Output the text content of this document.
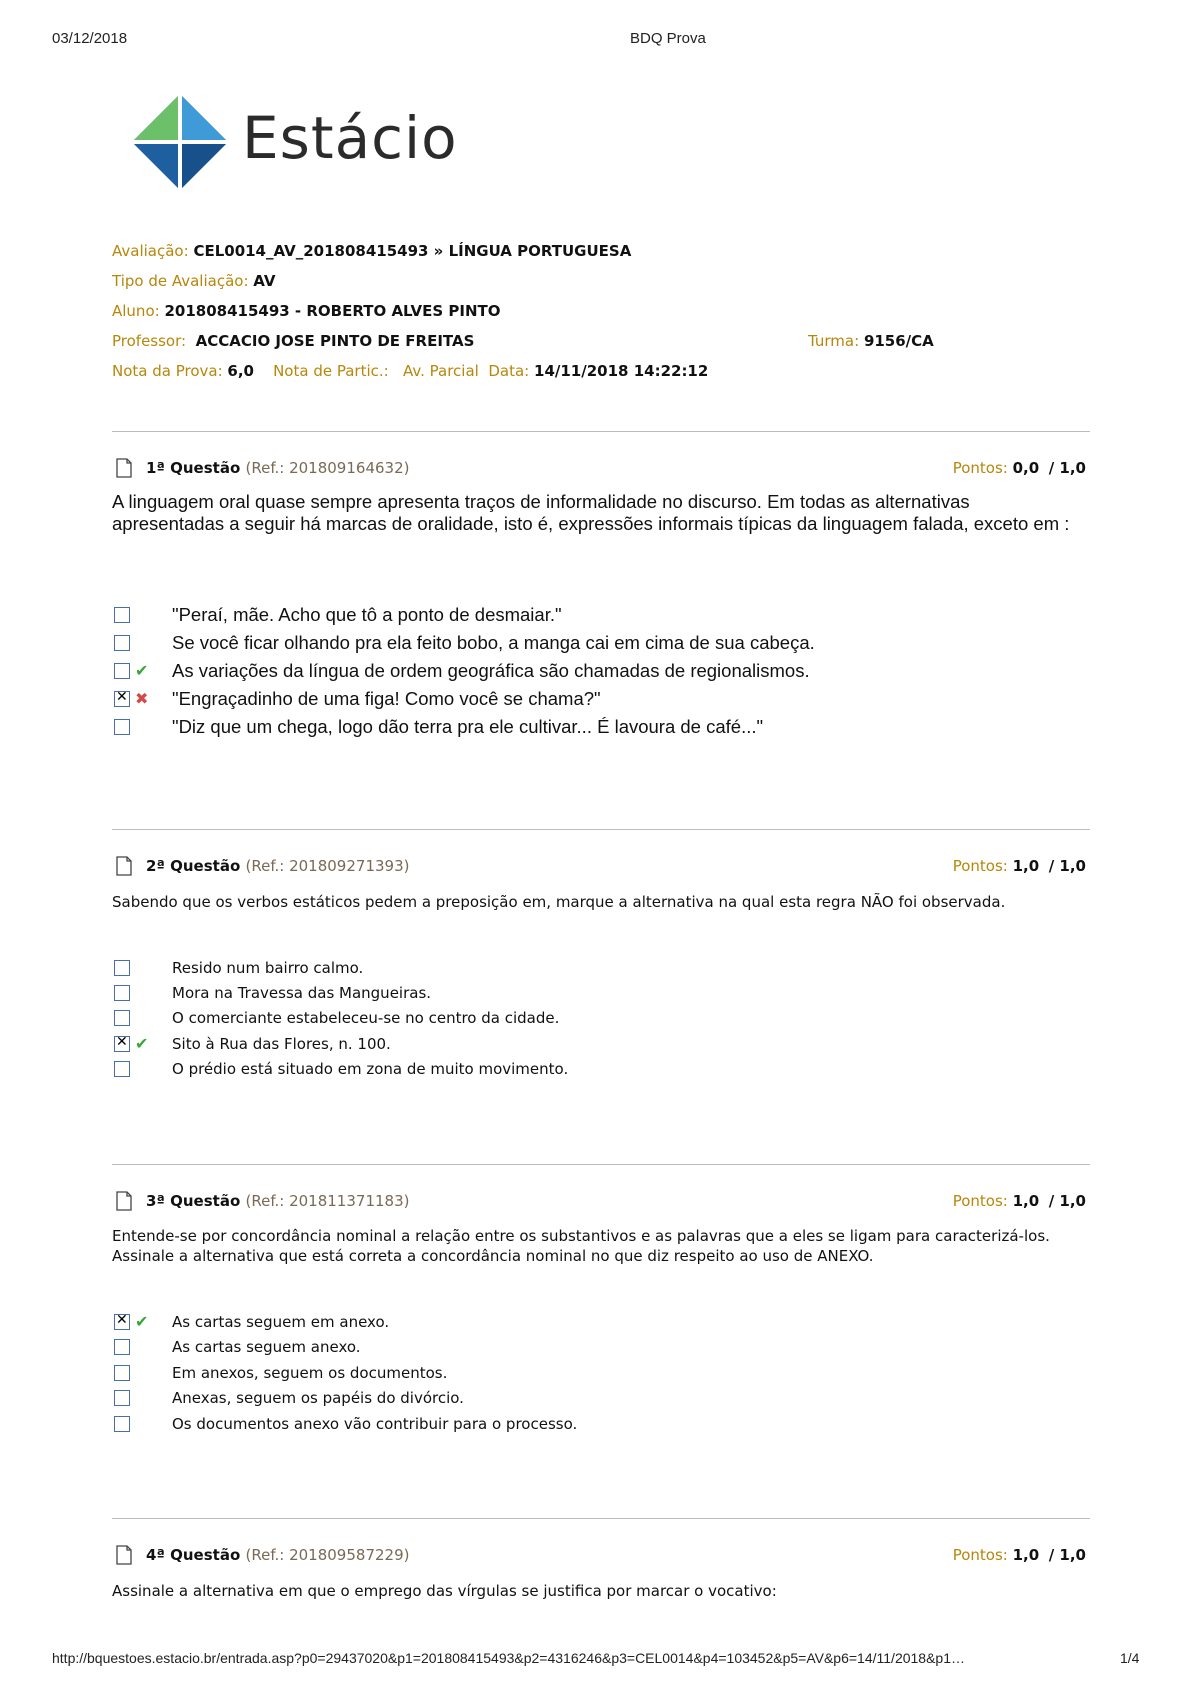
03/12/2018	BDQ Prova
Estácio
Avaliação: CEL0014_AV_201808415493 » LÍNGUA PORTUGUESA
Tipo de Avaliação: AV
Aluno: 201808415493 - ROBERTO ALVES PINTO
Professor: ACCACIO JOSE PINTO DE FREITAS	Turma: 9156/CA
Nota da Prova: 6,0 Nota de Partic.: Av. Parcial Data: 14/11/2018 14:22:12
1ª Questão (Ref.: 201809164632)	Pontos: 0,0 / 1,0
A linguagem oral quase sempre apresenta traços de informalidade no discurso. Em todas as alternativas apresentadas a seguir há marcas de oralidade, isto é, expressões informais típicas da linguagem falada, exceto em :
"Peraí, mãe. Acho que tô a ponto de desmaiar."
Se você ficar olhando pra ela feito bobo, a manga cai em cima de sua cabeça.
✔ As variações da língua de ordem geográfica são chamadas de regionalismos.
✕
✖ "Engraçadinho de uma figa! Como você se chama?"
"Diz que um chega, logo dão terra pra ele cultivar... É lavoura de café..."
2ª Questão (Ref.: 201809271393)	Pontos: 1,0 / 1,0
Sabendo que os verbos estáticos pedem a preposição em, marque a alternativa na qual esta regra NÃO foi observada.
Resido num bairro calmo.
Mora na Travessa das Mangueiras.
O comerciante estabeleceu-se no centro da cidade.
✕
✔ Sito à Rua das Flores, n. 100.
O prédio está situado em zona de muito movimento.
3ª Questão (Ref.: 201811371183)	Pontos: 1,0 / 1,0
Entende-se por concordância nominal a relação entre os substantivos e as palavras que a eles se ligam para caracterizá-los. Assinale a alternativa que está correta a concordância nominal no que diz respeito ao uso de ANEXO.
✕
✔ As cartas seguem em anexo.
As cartas seguem anexo.
Em anexos, seguem os documentos.
Anexas, seguem os papéis do divórcio.
Os documentos anexo vão contribuir para o processo.
4ª Questão (Ref.: 201809587229)	Pontos: 1,0 / 1,0
Assinale a alternativa em que o emprego das vírgulas se justifica por marcar o vocativo:
http://bquestoes.estacio.br/entrada.asp?p0=29437020&p1=201808415493&p2=4316246&p3=CEL0014&p4=103452&p5=AV&p6=14/11/2018&p1…	1/4
